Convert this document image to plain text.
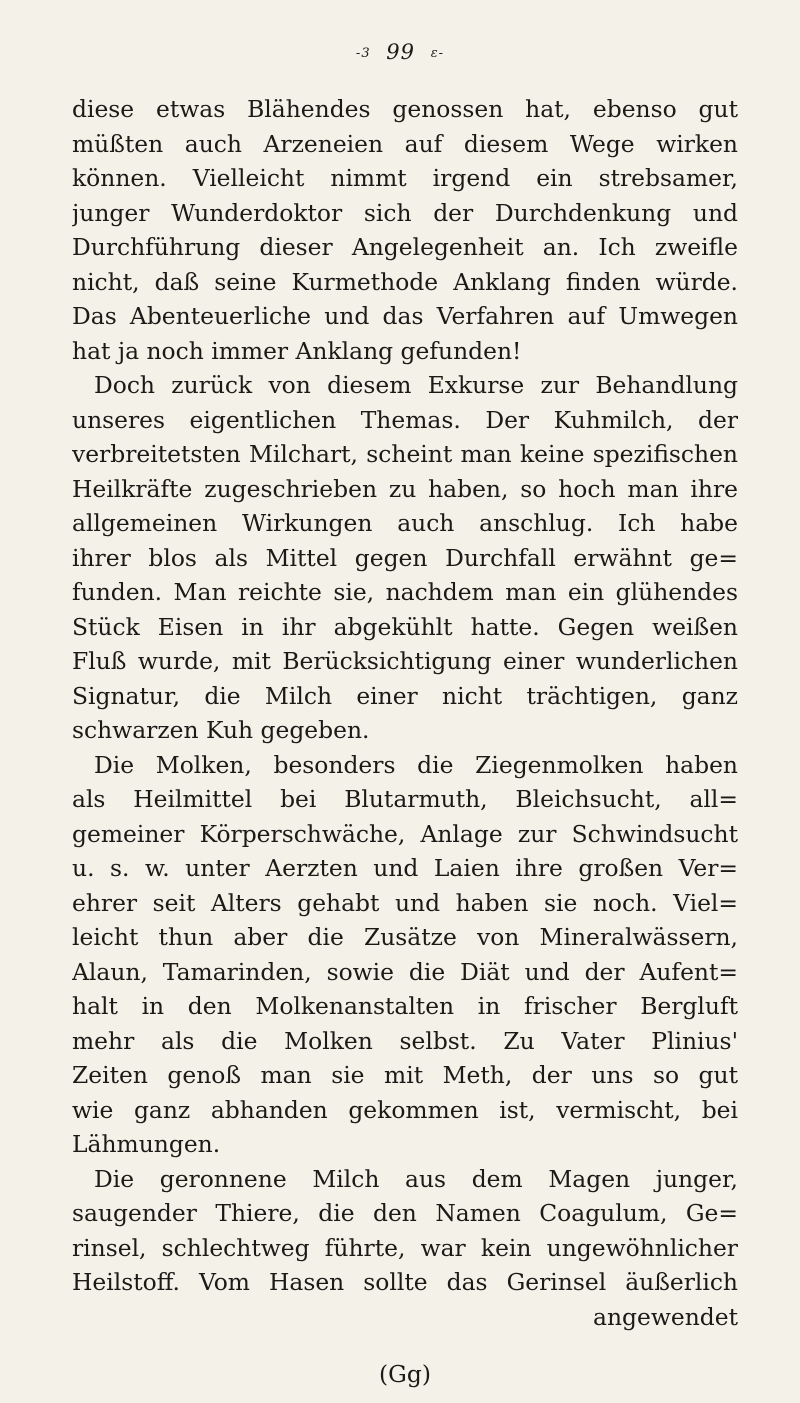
-3 99 ε-
diese etwas Blähendes genossen hat, ebenso gut
müßten auch Arzeneien auf diesem Wege wirken
können. Vielleicht nimmt irgend ein strebsamer,
junger Wunderdoktor sich der Durchdenkung und
Durchführung dieser Angelegenheit an. Ich zweifle
nicht, daß seine Kurmethode Anklang finden würde.
Das Abenteuerliche und das Verfahren auf Umwegen
hat ja noch immer Anklang gefunden!
Doch zurück von diesem Exkurse zur Behandlung
unseres eigentlichen Themas. Der Kuhmilch, der
verbreitetsten Milchart, scheint man keine spezifischen
Heilkräfte zugeschrieben zu haben, so hoch man ihre
allgemeinen Wirkungen auch anschlug. Ich habe
ihrer blos als Mittel gegen Durchfall erwähnt ge=
funden. Man reichte sie, nachdem man ein glühendes
Stück Eisen in ihr abgekühlt hatte. Gegen weißen
Fluß wurde, mit Berücksichtigung einer wunderlichen
Signatur, die Milch einer nicht trächtigen, ganz
schwarzen Kuh gegeben.
Die Molken, besonders die Ziegenmolken haben
als Heilmittel bei Blutarmuth, Bleichsucht, all=
gemeiner Körperschwäche, Anlage zur Schwindsucht
u. s. w. unter Aerzten und Laien ihre großen Ver=
ehrer seit Alters gehabt und haben sie noch. Viel=
leicht thun aber die Zusätze von Mineralwässern,
Alaun, Tamarinden, sowie die Diät und der Aufent=
halt in den Molkenanstalten in frischer Bergluft
mehr als die Molken selbst. Zu Vater Plinius'
Zeiten genoß man sie mit Meth, der uns so gut
wie ganz abhanden gekommen ist, vermischt, bei
Lähmungen.
Die geronnene Milch aus dem Magen junger,
saugender Thiere, die den Namen Coagulum, Ge=
rinsel, schlechtweg führte, war kein ungewöhnlicher
Heilstoff. Vom Hasen sollte das Gerinsel äußerlich
angewendet
(Gg)
